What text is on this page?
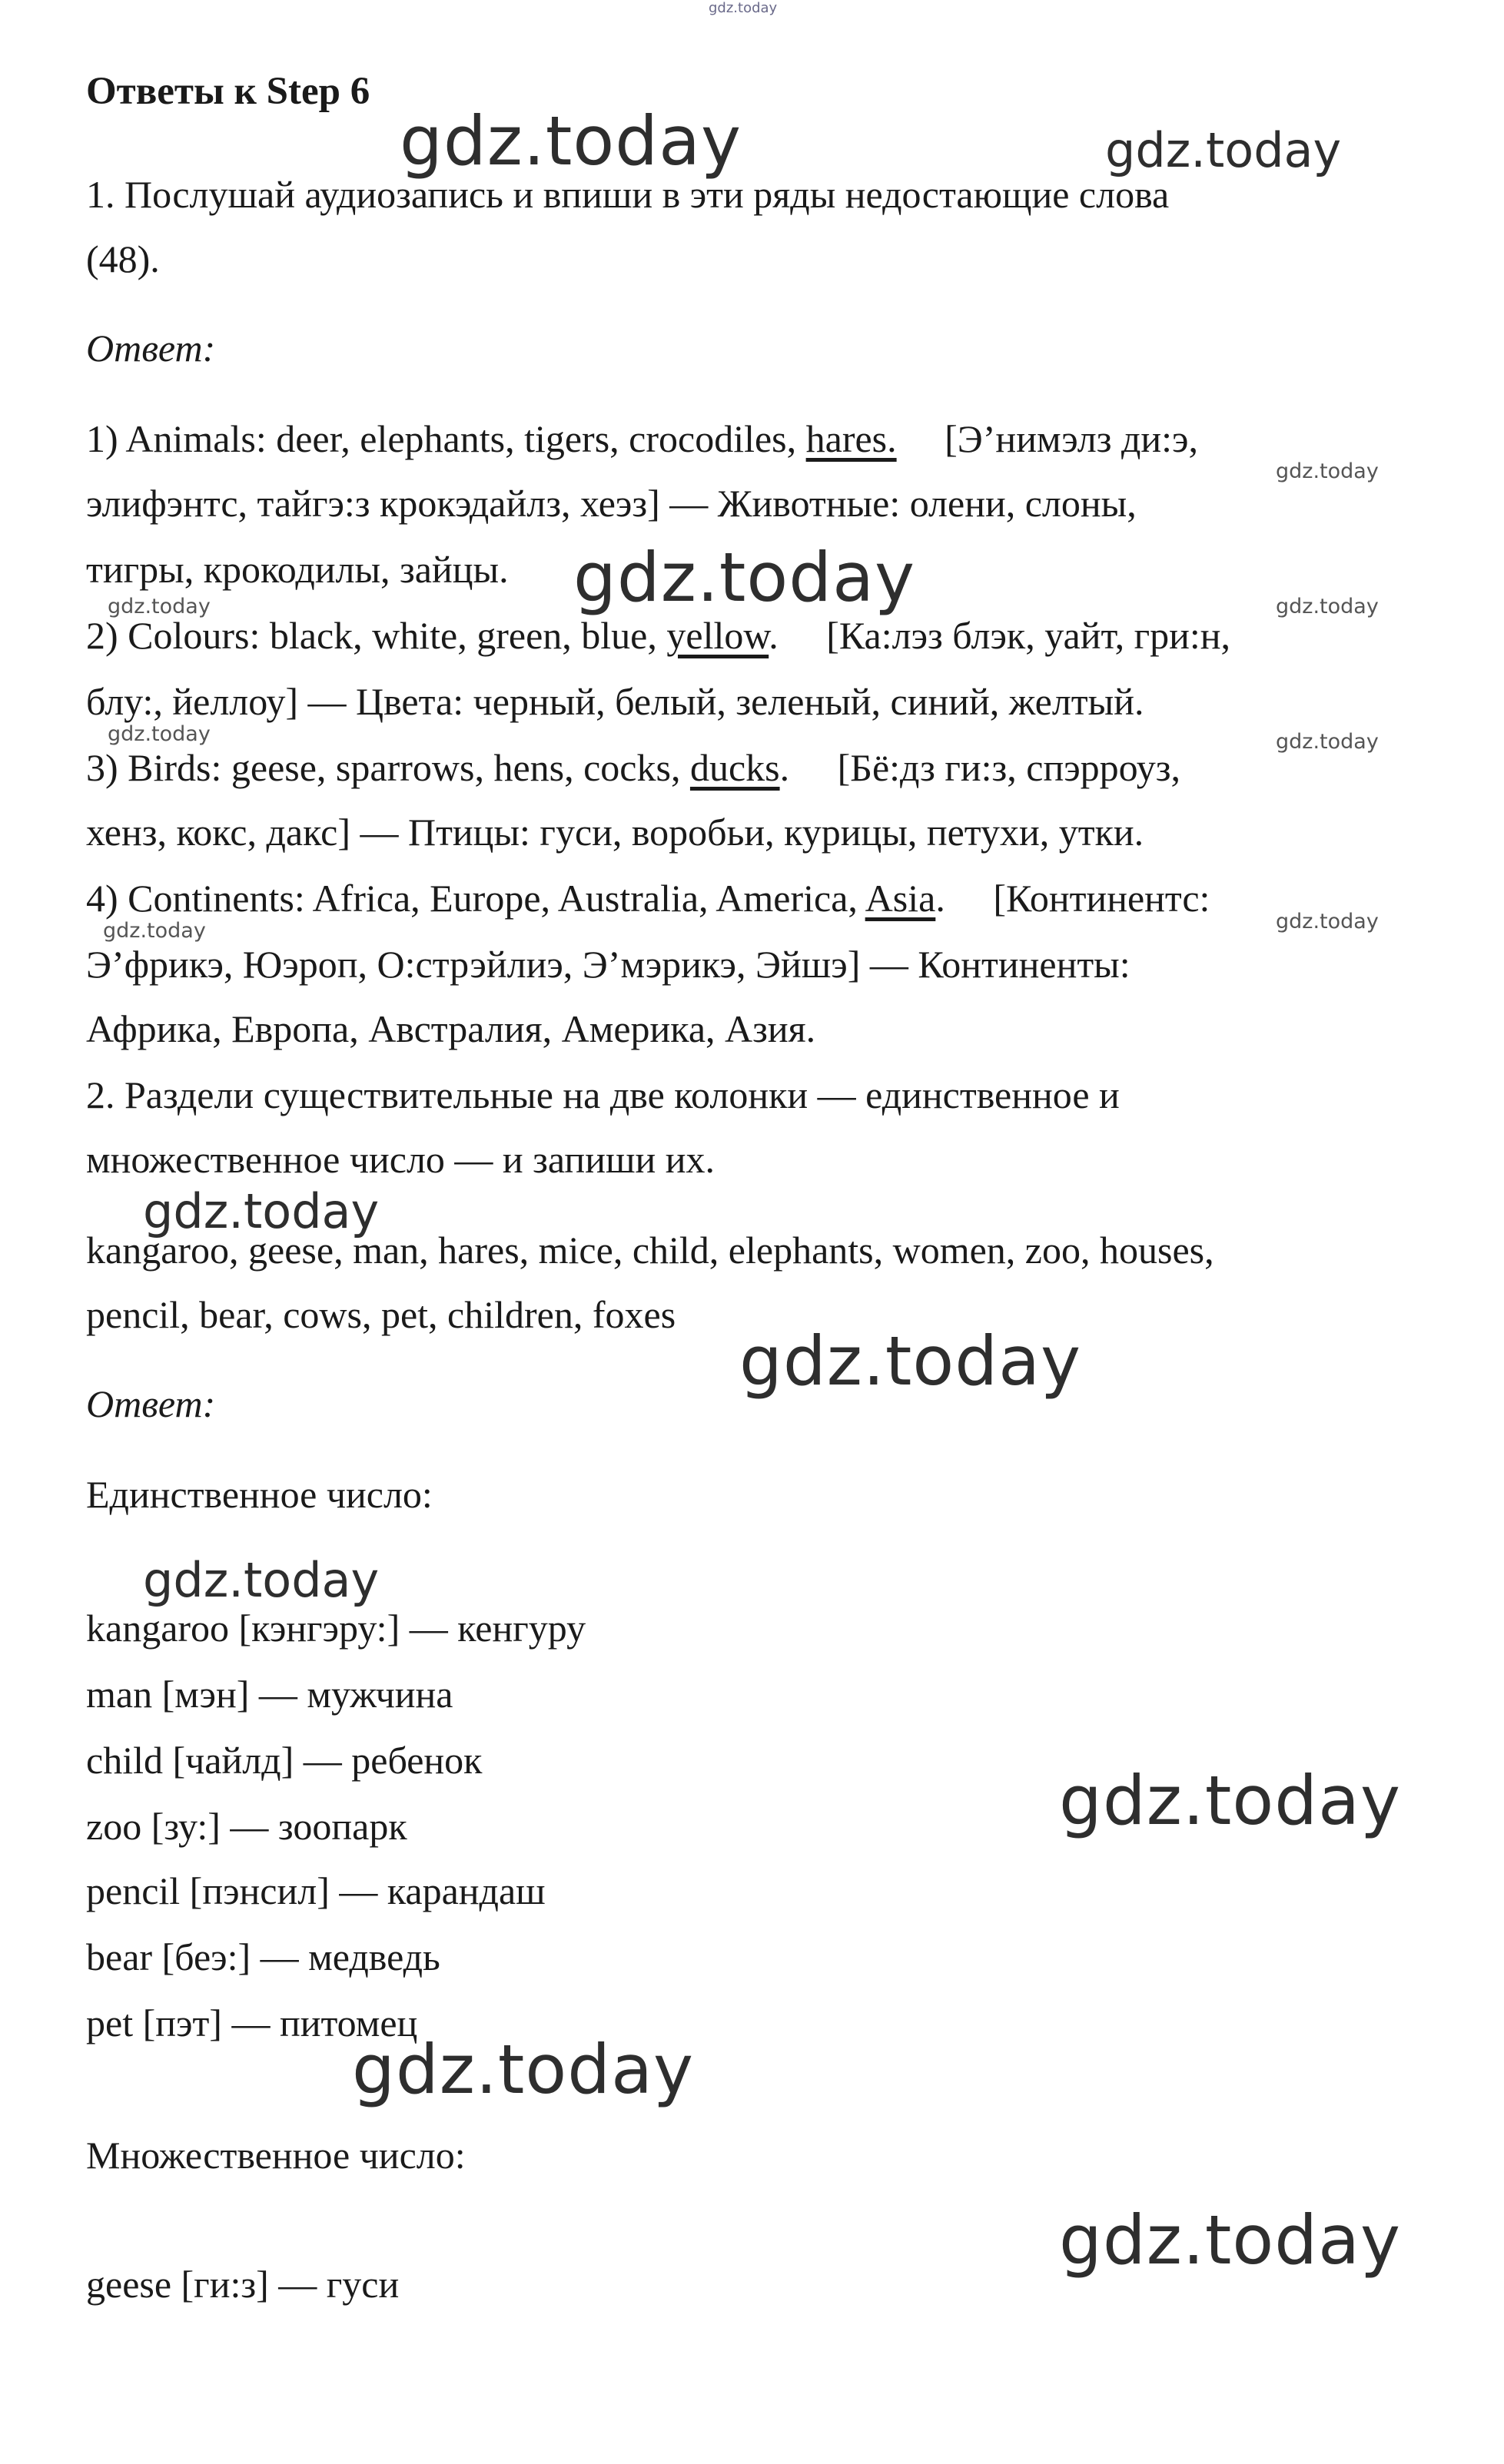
gdz.today
gdz.today	gdz.today
gdz.today
gdz.today
gdz.today	gdz.today
gdz.today	gdz.today
gdz.today	gdz.today
gdz.today
gdz.today
gdz.today
gdz.today
gdz.today
gdz.today
Ответы к Step 6
1. Послушай аудиозапись и впиши в эти ряды недостающие слова
(48).
Ответ:
1) Animals: deer, elephants, tigers, crocodiles, hares.     [Э’нимэлз ди:э,
элифэнтс, тайгэ:з крокэдайлз, хеэз] — Животные: олени, слоны,
тигры, крокодилы, зайцы.
2) Colours: black, white, green, blue, yellow.     [Ка:лэз блэк, уайт, гри:н,
блу:, йеллоу] — Цвета: черный, белый, зеленый, синий, желтый.
3) Birds: geese, sparrows, hens, cocks, ducks.     [Бё:дз ги:з, спэрроуз,
хенз, кокс, дакс] — Птицы: гуси, воробьи, курицы, петухи, утки.
4) Continents: Africa, Europe, Australia, America, Asia.     [Континентс:
Э’фрикэ, Юэроп, О:стрэйлиэ, Э’мэрикэ, Эйшэ] — Континенты:
Африка, Европа, Австралия, Америка, Азия.
2. Раздели существительные на две колонки — единственное и
множественное число — и запиши их.
kangaroo, geese, man, hares, mice, child, elephants, women, zoo, houses,
pencil, bear, cows, pet, children, foxes
Ответ:
Единственное число:
kangaroo [кэнгэру:] — кенгуру
man [мэн] — мужчина
child [чайлд] — ребенок
zoo [зу:] — зоопарк
pencil [пэнсил] — карандаш
bear [беэ:] — медведь
pet [пэт] — питомец
Множественное число:
geese [ги:з] — гуси
